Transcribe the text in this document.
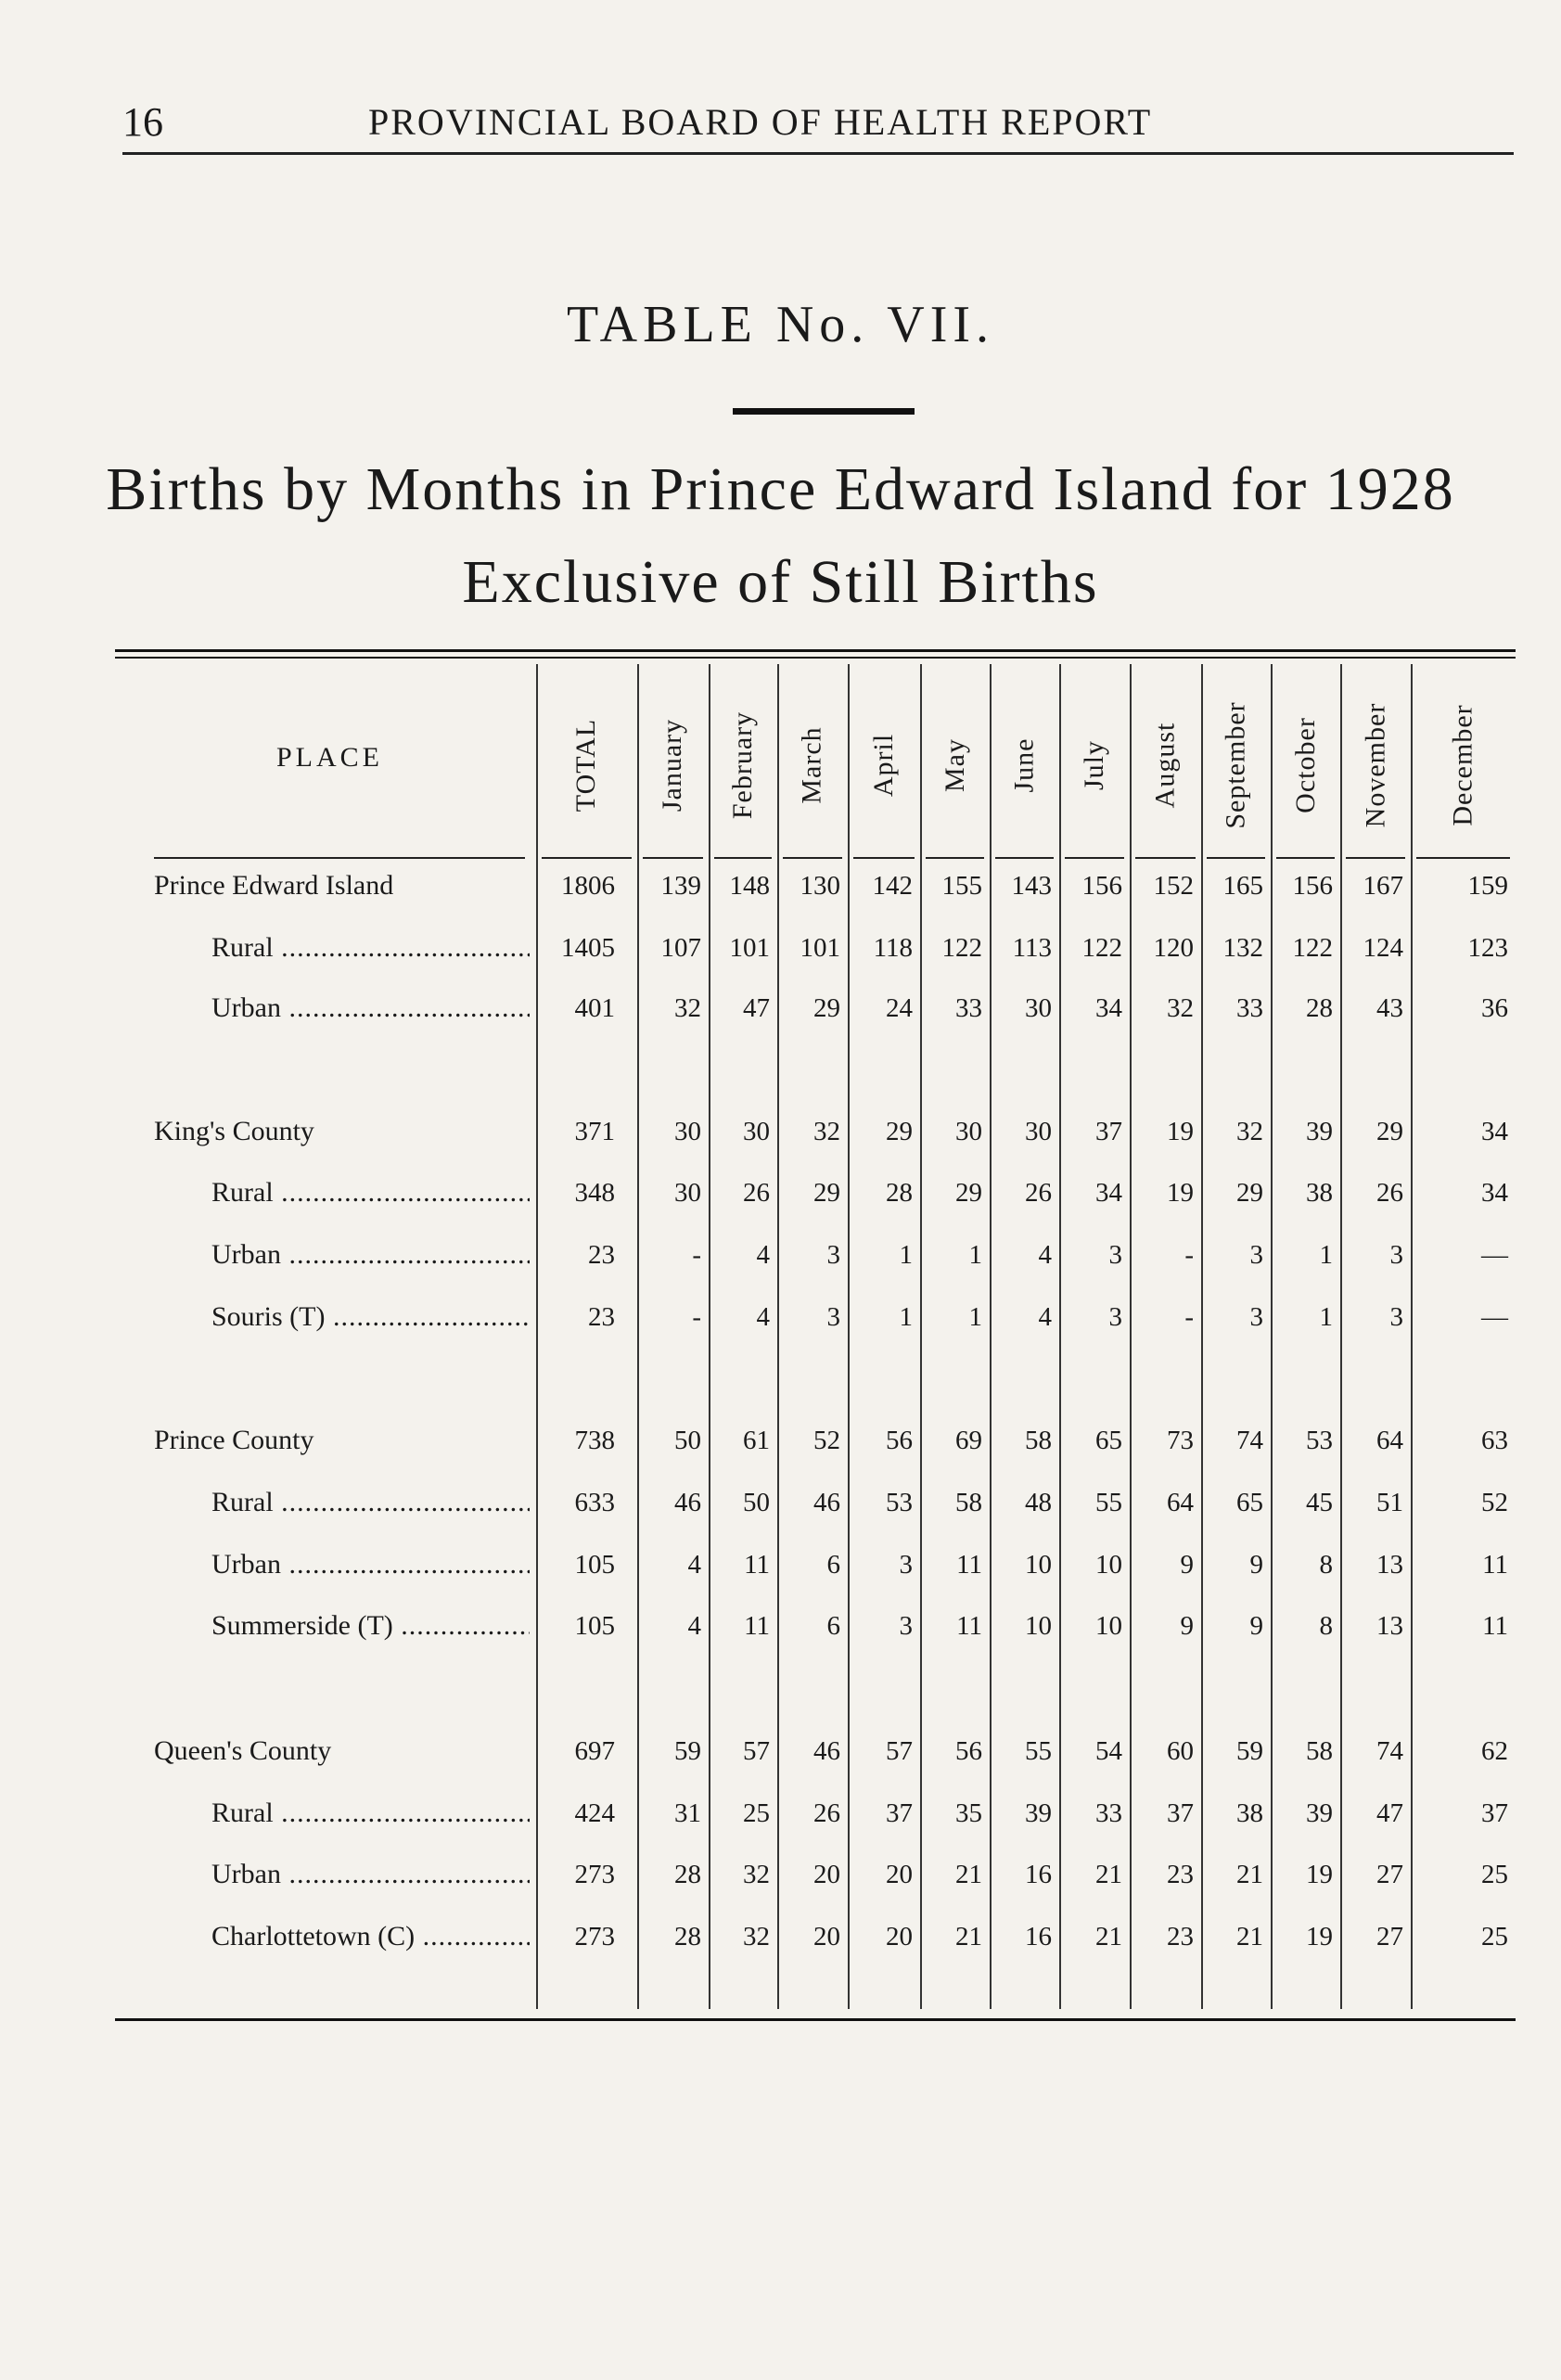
16	PROVINCIAL BOARD OF HEALTH REPORT
TABLE No. VII.
Births by Months in Prince Edward Island for 1928
Exclusive of Still Births
PLACE	TOTAL January February March April May June July August September October November December
Prince Edward Island	1806	139	148	130	142	155	143	156	152	165	156	167	159
Rural .....	1405	107	101	101	118	122	113	122	120	132	122	124	123
Urban .....	401	32	47	29	24	33	30	34	32	33	28	43	36
King's County	371	30	30	32	29	30	30	37	19	32	39	29	34
Rural .....	348	30	26	29	28	29	26	34	19	29	38	26	34
Urban .....	23	-	4	3	1	1	4	3	-	3	1	3	—
Souris (T) .....	23	-	4	3	1	1	4	3	-	3	1	3	—
Prince County	738	50	61	52	56	69	58	65	73	74	53	64	63
Rural .....	633	46	50	46	53	58	48	55	64	65	45	51	52
Urban .....	105	4	11	6	3	11	10	10	9	9	8	13	11
Summerside (T) .....	105	4	11	6	3	11	10	10	9	9	8	13	11
Queen's County	697	59	57	46	57	56	55	54	60	59	58	74	62
Rural .....	424	31	25	26	37	35	39	33	37	38	39	47	37
Urban .....	273	28	32	20	20	21	16	21	23	21	19	27	25
Charlottetown (C) .....	273	28	32	20	20	21	16	21	23	21	19	27	25
